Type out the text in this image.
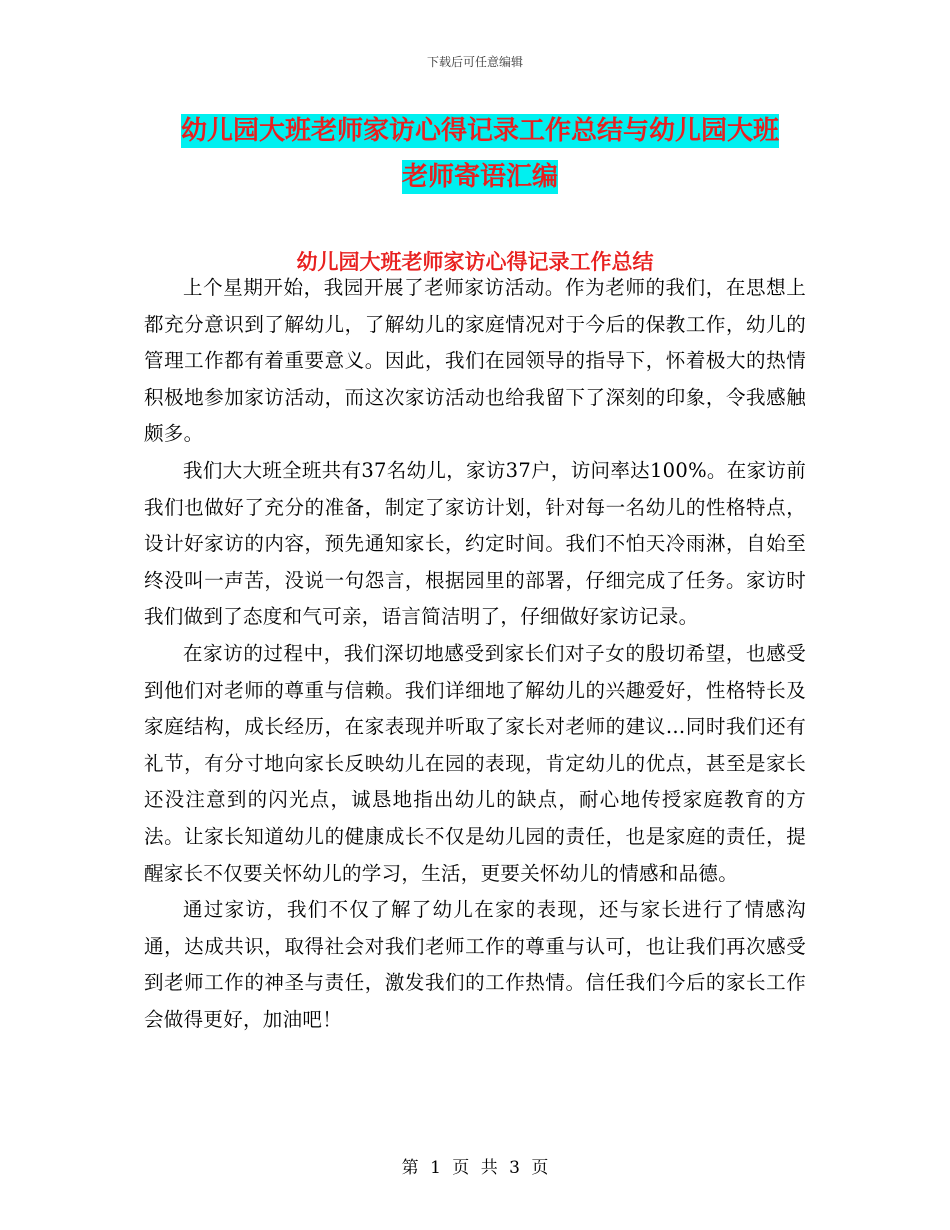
下载后可任意编辑
幼儿园大班老师家访心得记录工作总结与幼儿园大班
老师寄语汇编
幼儿园大班老师家访心得记录工作总结

上个星期开始，我园开展了老师家访活动。作为老师的我们，在思想上都充分意识到了解幼儿，了解幼儿的家庭情况对于今后的保教工作，幼儿的管理工作都有着重要意义。因此，我们在园领导的指导下，怀着极大的热情积极地参加家访活动，而这次家访活动也给我留下了深刻的印象，令我感触颇多。

我们大大班全班共有37名幼儿，家访37户，访问率达100%。在家访前我们也做好了充分的准备，制定了家访计划，针对每一名幼儿的性格特点，设计好家访的内容，预先通知家长，约定时间。我们不怕天冷雨淋，自始至终没叫一声苦，没说一句怨言，根据园里的部署，仔细完成了任务。家访时我们做到了态度和气可亲，语言简洁明了，仔细做好家访记录。

在家访的过程中，我们深切地感受到家长们对子女的殷切希望，也感受到他们对老师的尊重与信赖。我们详细地了解幼儿的兴趣爱好，性格特长及家庭结构，成长经历，在家表现并听取了家长对老师的建议…同时我们还有礼节，有分寸地向家长反映幼儿在园的表现，肯定幼儿的优点，甚至是家长还没注意到的闪光点，诚恳地指出幼儿的缺点，耐心地传授家庭教育的方法。让家长知道幼儿的健康成长不仅是幼儿园的责任，也是家庭的责任，提醒家长不仅要关怀幼儿的学习，生活，更要关怀幼儿的情感和品德。

通过家访，我们不仅了解了幼儿在家的表现，还与家长进行了情感沟通，达成共识，取得社会对我们老师工作的尊重与认可，也让我们再次感受到老师工作的神圣与责任，激发我们的工作热情。信任我们今后的家长工作会做得更好，加油吧！

第 1 页 共 3 页
